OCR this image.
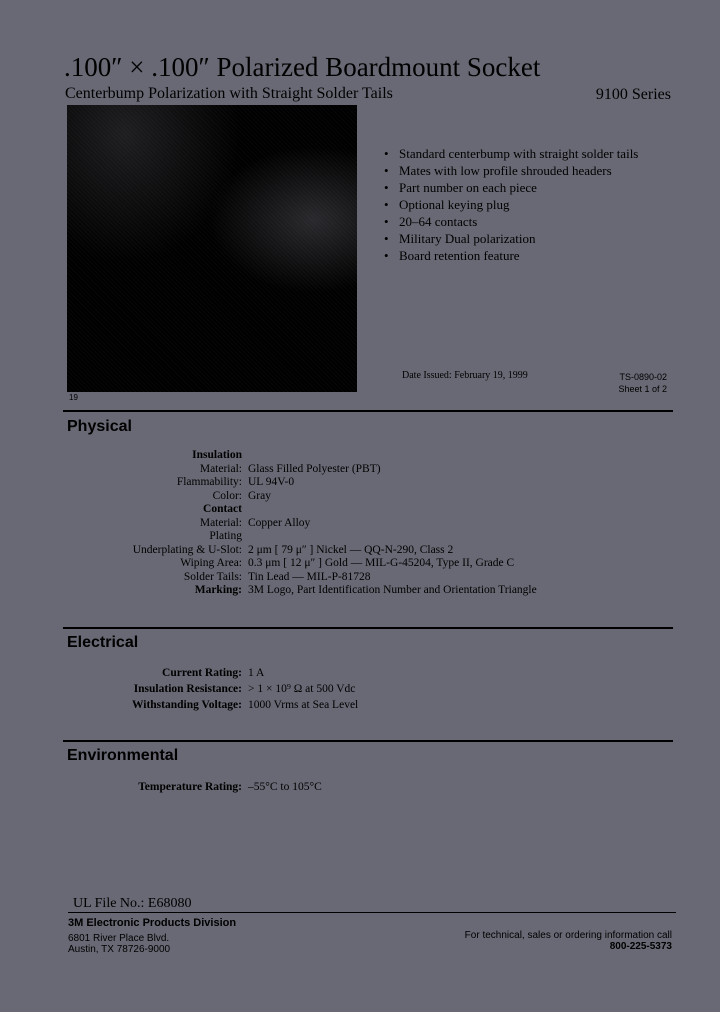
.100″ × .100″ Polarized Boardmount Socket
Centerbump Polarization with Straight Solder Tails	9100 Series
19
• Standard centerbump with straight solder tails
• Mates with low profile shrouded headers
• Part number on each piece
• Optional keying plug
• 20–64 contacts
• Military Dual polarization
• Board retention feature
Date Issued: February 19, 1999	TS-0890-02
Sheet 1 of 2
Physical
Insulation
Material: Glass Filled Polyester (PBT)
Flammability: UL 94V-0
Color: Gray
Contact
Material: Copper Alloy
Plating
Underplating & U-Slot: 2 μm [ 79 μ″ ] Nickel — QQ-N-290, Class 2
Wiping Area: 0.3 μm [ 12 μ″ ] Gold — MIL-G-45204, Type II, Grade C
Solder Tails: Tin Lead — MIL-P-81728
Marking: 3M Logo, Part Identification Number and Orientation Triangle
Electrical
Current Rating: 1 A
Insulation Resistance: > 1 × 10⁹ Ω at 500 Vdc
Withstanding Voltage: 1000 Vrms at Sea Level
Environmental
Temperature Rating: –55°C to 105°C
UL File No.: E68080
3M Electronic Products Division
6801 River Place Blvd.
Austin, TX 78726-9000
For technical, sales or ordering information call
800-225-5373
